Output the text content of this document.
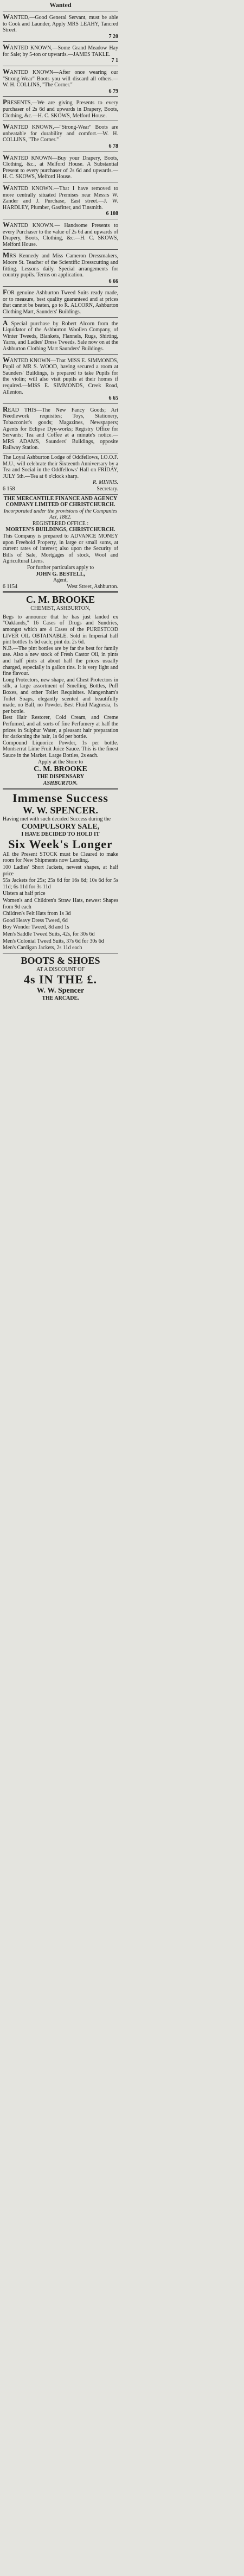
Wanted

WANTED,—Good General Servant, must be able to Cook and Launder, Apply MRS LEAHY, Tancred Street.

7 20

WANTED KNOWN,—Some Grand Meadow Hay for Sale; by 5-ton or upwards.—JAMES TAKLE.

7 1

WANTED KNOWN—After once wearing our "Strong-Wear" Boots you will discard all others.—W. H. COLLINS, "The Corner."

6 79

PRESENTS,—We are giving Presents to every purchaser of 2s 6d and upwards in Drapery, Boots, Clothing, &c.—H. C. SKOWS, Melford House.

WANTED KNOWN,—"Strong-Wear" Boots are unbeatable for durability and comfort.—W. H. COLLINS, "The Corner."

6 78

WANTED KNOWN—Buy your Drapery, Boots, Clothing, &c., at Melford House. A Substantial Present to every purchaser of 2s 6d and upwards.—H. C. SKOWS, Melford House.

WANTED KNOWN.—That I have removed to more centrally situated Premises near Messrs W. Zander and J. Purchase, East street.—J. W. HARDLEY, Plumber, Gasfitter, and Tinsmith.

6 108

WANTED KNOWN.— Handsome Presents to every Purchaser to the value of 2s 6d and upwards of Drapery, Boots, Clothing, &c.—H. C. SKOWS, Melford House.

MRS Kennedy and Miss Cameron Dressmakers, Moore St. Teacher of the Scientific Dresscutting and fitting. Lessons daily. Special arrangements for country pupils. Terms on application.

6 66

FOR genuine Ashburton Tweed Suits ready made, or to measure, best quality guaranteed and at prices that cannot be beaten, go to R. ALCORN, Ashburton Clothing Mart, Saunders' Buildings.

A Special purchase by Robert Alcorn from the Liquidator of the Ashburton Woollen Company, of Winter Tweeds, Blankets, Flannels, Rugs, Shirting, Yarns, and Ladies' Dress Tweeds. Sale now on at the Ashburton Clothing Mart Saunders' Buildings.

WANTED KNOWN—That MISS E. SIMMONDS, Pupil of MR S. WOOD, having secured a room at Saunders' Buildings, is prepared to take Pupils for the violin; will also visit pupils at their homes if required.—MISS E. SIMMONDS, Creek Road, Allenton.

6 65

READ THIS—The New Fancy Goods; Art Needlework requisites; Toys, Stationery, Tobacconist's goods; Magazines, Newspapers; Agents for Eclipse Dye-works; Registry Office for Servants; Tea and Coffee at a minute's notice.—MRS ADAMS, Saunders' Buildings, opposite Railway Station.

The Loyal Ashburton Lodge of Oddfellows, I.O.O.F. M.U., will celebrate their Sixteenth Anniversary by a Tea and Social in the Oddfellows' Hall on FRIDAY, JULY 5th.—Tea at 6 o'clock sharp.

R. MINNIS.

6 158	Secretary.

THE MERCANTILE FINANCE AND AGENCY COMPANY LIMITED OF CHRISTCHURCH.

Incorporated under the provisions of the Companies Act, 1882.

REGISTERED OFFICE :

MORTEN'S BUILDINGS, CHRISTCHURCH.

This Company is prepared to ADVANCE MONEY upon Freehold Property, in large or small sums, at current rates of interest; also upon the Security of Bills of Sale, Mortgages of stock, Wool and Agricultural Liens.

For further particulars apply to

JOHN G. BESTELL,

Agent,

6 1154	West Street, Ashburton.

C. M. BROOKE

CHEMIST, ASHBURTON,

Begs to announce that he has just landed ex "Oaklands," 16 Cases of Drugs and Sundries, amongst which are 4 Cases of the PURESTCOD LIVER OIL OBTAINABLE. Sold in Imperial half pint bottles 1s 6d each; pint do. 2s 6d.

N.B.—The pint bottles are by far the best for family use. Also a new stock of Fresh Castor Oil, in pints and half pints at about half the prices usually charged, especially in gallon tins. It is very light and fine flavour.

Long Protectors, new shape, and Chest Protectors in silk, a large assortment of Smelling Bottles, Puff Boxes, and other Toilet Requisites. Mangenham's Toilet Soaps, elegantly scented and beautifully made, no Ball, no Powder. Best Fluid Magnesia, 1s per bottle.

Best Hair Restorer, Cold Cream, and Creme Perfumed, and all sorts of fine Perfumery at half the prices in Sulphur Water, a pleasant hair preparation for darkening the hair, 1s 6d per bottle.

Compound Liquorice Powder, 1s per bottle. Montserrat Lime Fruit Juice Sauce. This is the finest Sauce in the Market. Large Bottles, 2s each.

Apply at the Store to

C. M. BROOKE

THE DISPENSARY

ASHBURTON.

Immense Success

W. W. SPENCER.

Having met with such decided Success during the

COMPULSORY SALE,

I HAVE DECIDED TO HOLD IT

Six Week's Longer

All the Present STOCK must be Cleared to make room for New Shipments now Landing.

100 Ladies' Short Jackets, newest shapes, at half price

55s Jackets for 25s; 25s 6d for 16s 6d; 10s 6d for 5s 11d; 6s 11d for 3s 11d

Ulsters at half price

Women's and Children's Straw Hats, newest Shapes from 9d each

Children's Felt Hats from 1s 3d

Good Heavy Dress Tweed, 6d

Boy Wonder Tweed, 8d and 1s

Men's Saddle Tweed Suits, 42s, for 30s 6d

Men's Colonial Tweed Suits, 37s 6d for 30s 6d

Men's Cardigan Jackets, 2s 11d each

BOOTS & SHOES

AT A DISCOUNT OF

4s IN THE £.

W. W. Spencer

THE ARCADE.
